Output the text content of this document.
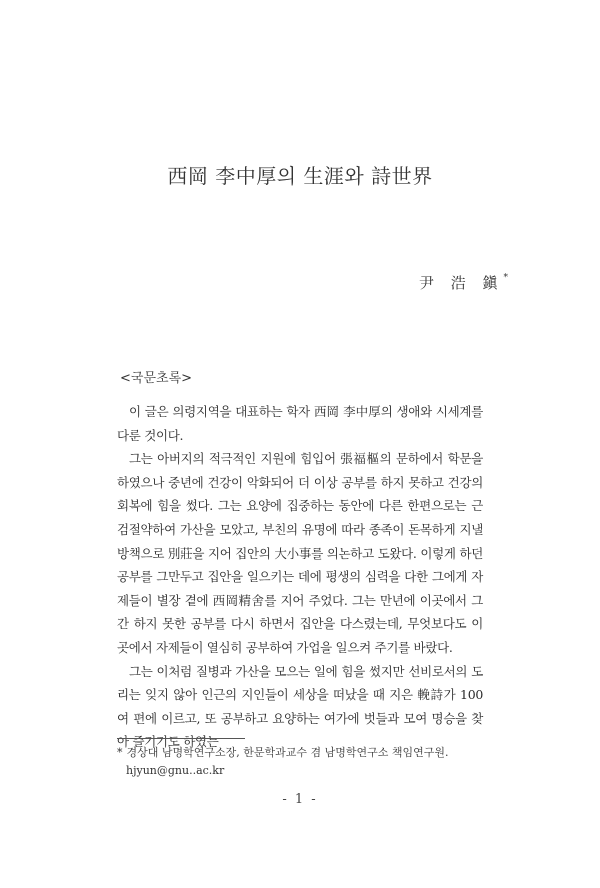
西岡 李中厚의 生涯와 詩世界
尹 浩 鎭*
<국문초록>

이 글은 의령지역을 대표하는 학자 西岡 李中厚의 생애와 시세계를 다룬 것이다.

그는 아버지의 적극적인 지원에 힘입어 張福樞의 문하에서 학문을 하였으나 중년에 건강이 악화되어 더 이상 공부를 하지 못하고 건강의 회복에 힘을 썼다. 그는 요양에 집중하는 동안에 다른 한편으로는 근검절약하여 가산을 모았고, 부친의 유명에 따라 종족이 돈목하게 지낼 방책으로 別莊을 지어 집안의 大小事를 의논하고 도왔다. 이렇게 하던 공부를 그만두고 집안을 일으키는 데에 평생의 심력을 다한 그에게 자제들이 별장 곁에 西岡精舍를 지어 주었다. 그는 만년에 이곳에서 그간 하지 못한 공부를 다시 하면서 집안을 다스렸는데, 무엇보다도 이곳에서 자제들이 열심히 공부하여 가업을 일으켜 주기를 바랐다.

그는 이처럼 질병과 가산을 모으는 일에 힘을 썼지만 선비로서의 도리는 잊지 않아 인근의 지인들이 세상을 떠났을 때 지은 輓詩가 100여 편에 이르고, 또 공부하고 요양하는 여가에 벗들과 모여 명승을 찾아 즐기기도 하였는

* 경상대 남명학연구소장, 한문학과교수 겸 남명학연구소 책임연구원.
hjyun@gnu..ac.kr
- 1 -
